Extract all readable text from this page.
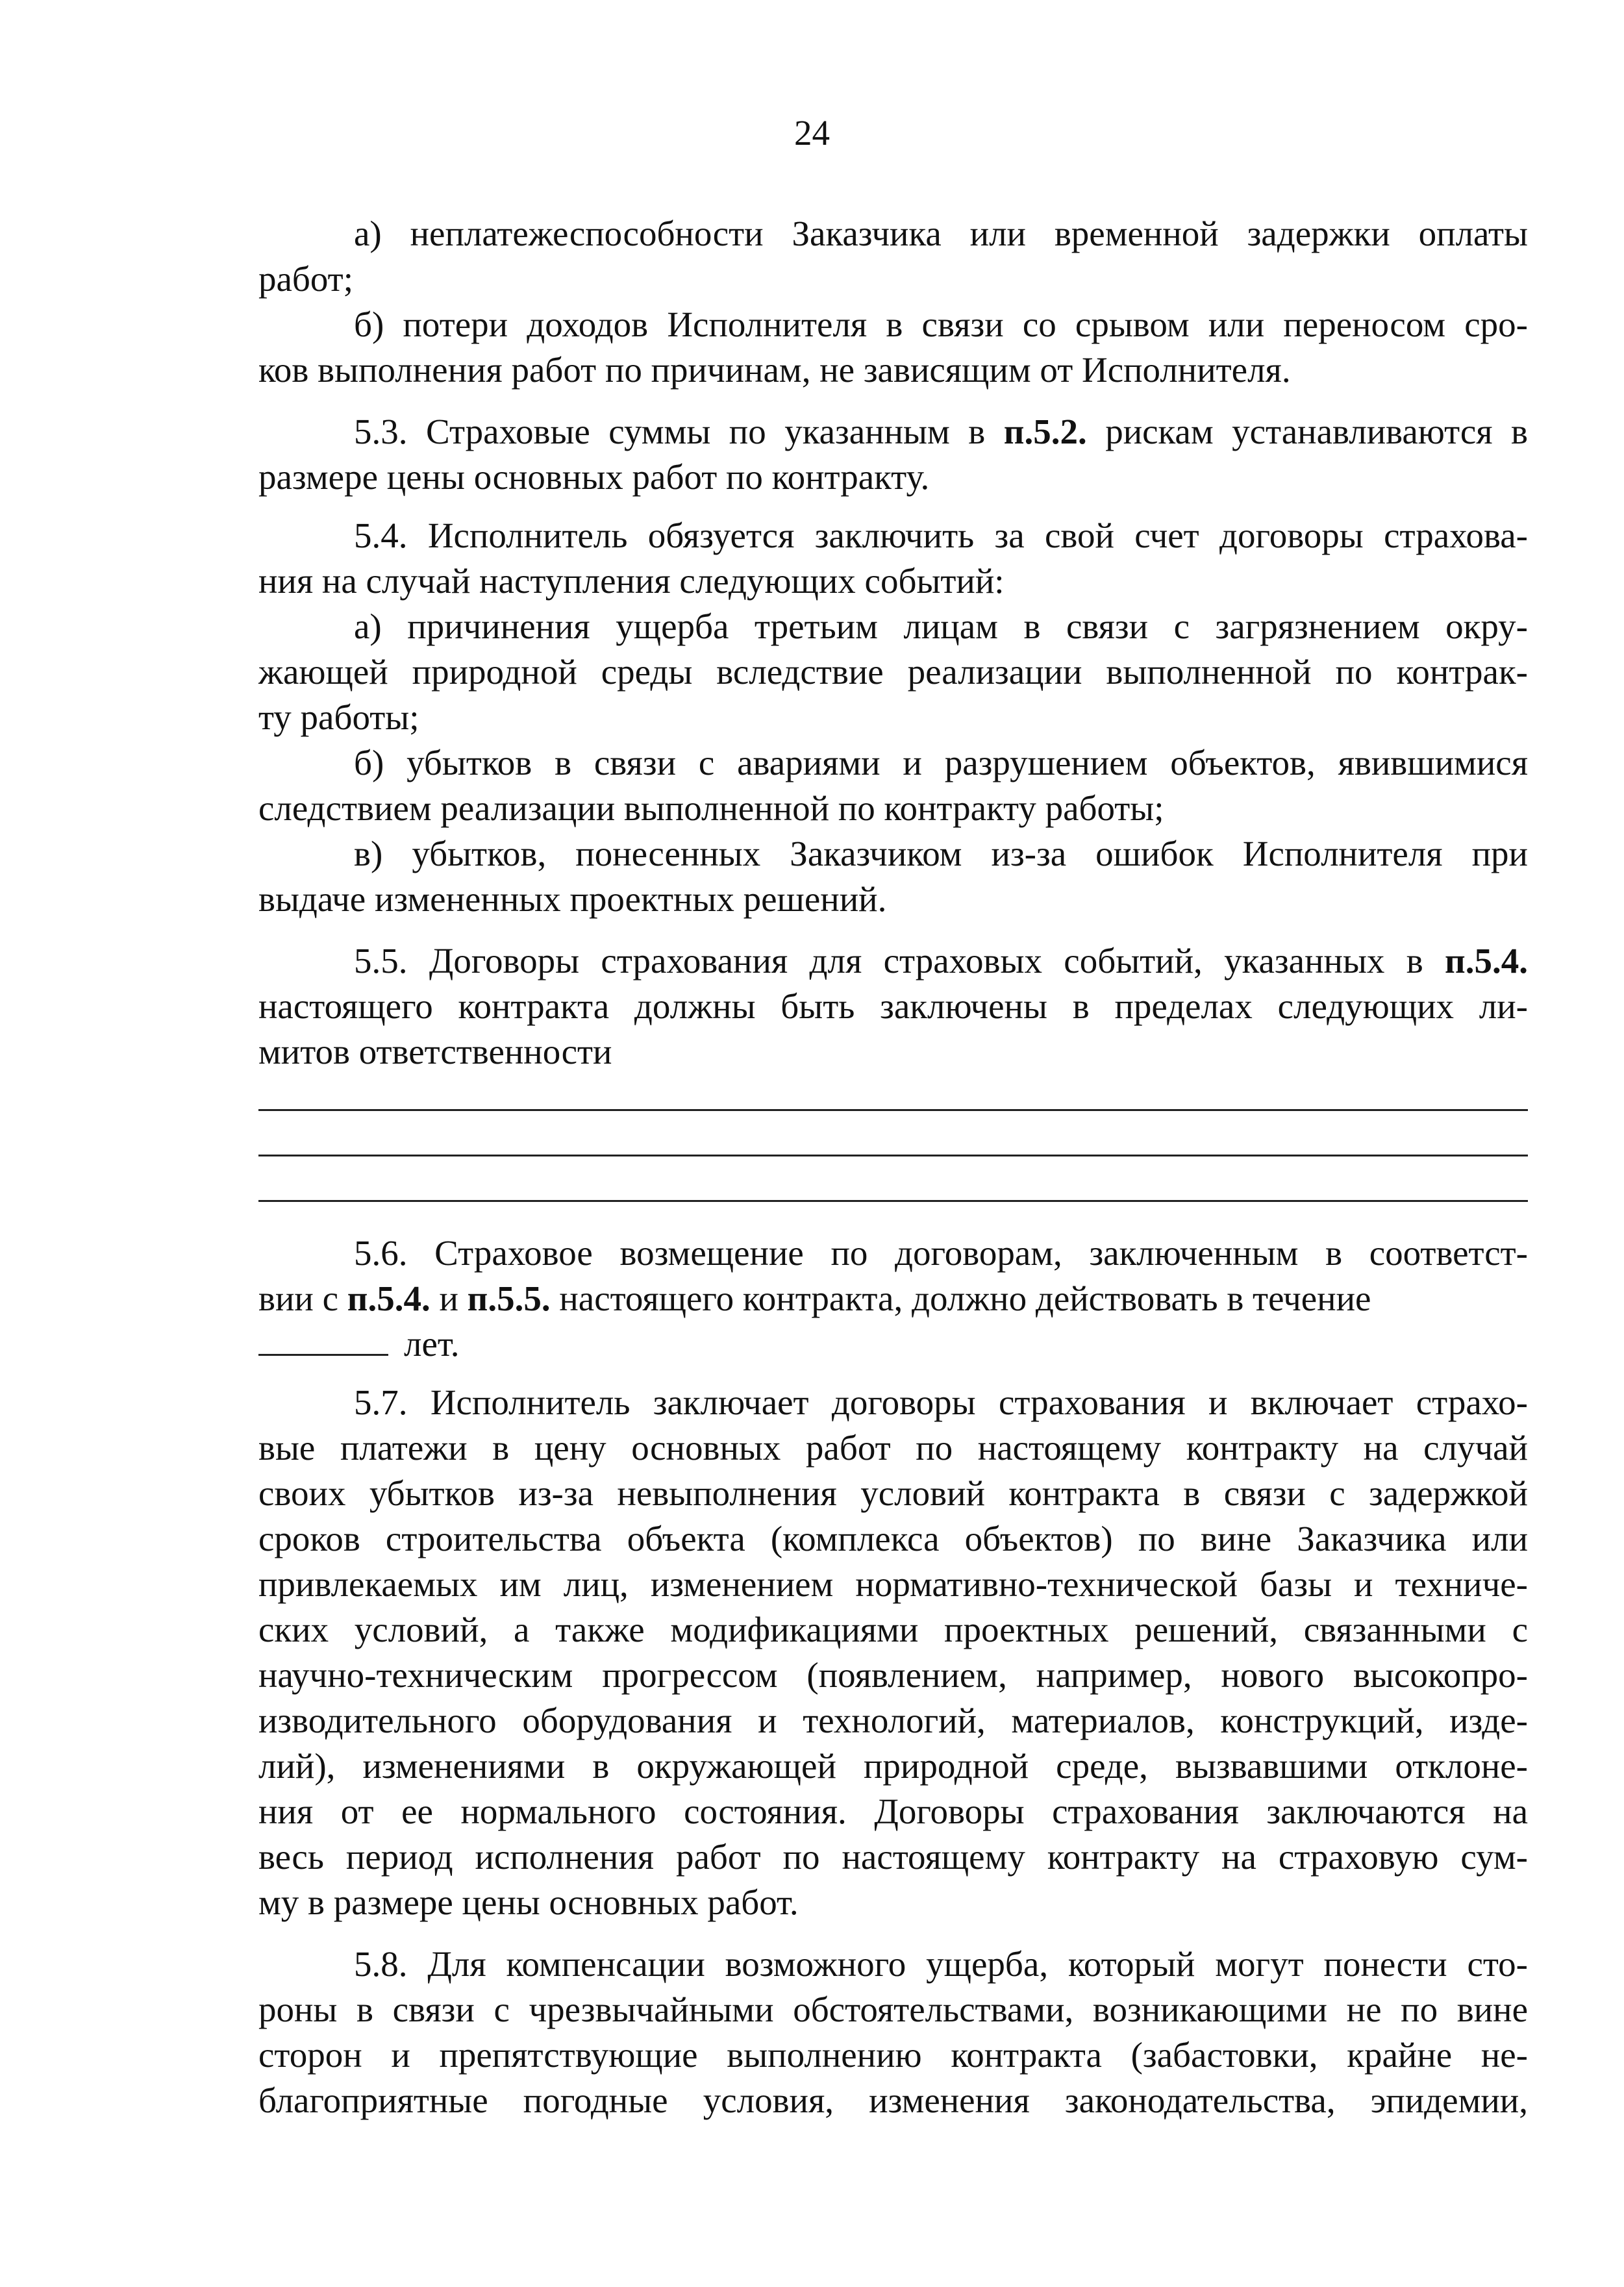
24
а) неплатежеспособности Заказчика или временной задержки оплаты
работ;
б) потери доходов Исполнителя в связи со срывом или переносом сро-
ков выполнения работ по причинам, не зависящим от Исполнителя.
5.3. Страховые суммы по указанным в п.5.2. рискам устанавливаются в
размере цены основных работ по контракту.
5.4. Исполнитель обязуется заключить за свой счет договоры страхова-
ния на случай наступления следующих событий:
а) причинения ущерба третьим лицам в связи с загрязнением окру-
жающей природной среды вследствие реализации выполненной по контрак-
ту работы;
б) убытков в связи с авариями и разрушением объектов, явившимися
следствием реализации выполненной по контракту работы;
в) убытков, понесенных Заказчиком из-за ошибок Исполнителя при
выдаче измененных проектных решений.
5.5. Договоры страхования для страховых событий, указанных в п.5.4.
настоящего контракта должны быть заключены в пределах следующих ли-
митов ответственности
5.6. Страховое возмещение по договорам, заключенным в соответст-
вии с п.5.4. и п.5.5. настоящего контракта, должно действовать в течение
лет.
5.7. Исполнитель заключает договоры страхования и включает страхо-
вые платежи в цену основных работ по настоящему контракту на случай
своих убытков из-за невыполнения условий контракта в связи с задержкой
сроков строительства объекта (комплекса объектов) по вине Заказчика или
привлекаемых им лиц, изменением нормативно-технической базы и техниче-
ских условий, а также модификациями проектных решений, связанными с
научно-техническим прогрессом (появлением, например, нового высокопро-
изводительного оборудования и технологий, материалов, конструкций, изде-
лий), изменениями в окружающей природной среде, вызвавшими отклоне-
ния от ее нормального состояния. Договоры страхования заключаются на
весь период исполнения работ по настоящему контракту на страховую сум-
му в размере цены основных работ.
5.8. Для компенсации возможного ущерба, который могут понести сто-
роны в связи с чрезвычайными обстоятельствами, возникающими не по вине
сторон и препятствующие выполнению контракта (забастовки, крайне не-
благоприятные погодные условия, изменения законодательства, эпидемии,
